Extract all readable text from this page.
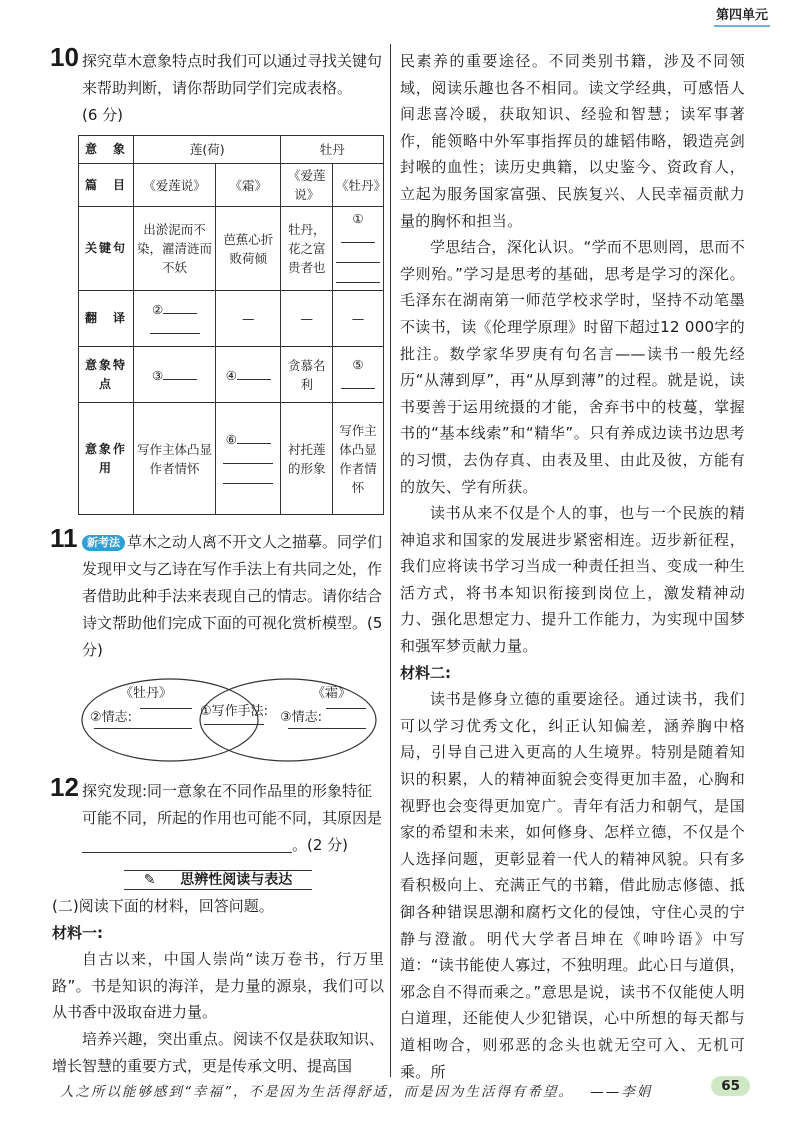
第四单元
10 探究草木意象特点时我们可以通过寻找关键句来帮助判断，请你帮助同学们完成表格。

(6 分)

意　象	莲(荷)		牡丹	
篇　目	《爱莲说》	《霜》	《爱莲说》	《牡丹》
关键句	出淤泥而不染，濯清涟而不妖	芭蕉心折败荷倾	牡丹，花之富贵者也	①

翻　译	②	—	—	—
意象特点	③	④	贪慕名利	⑤
意象作用	写作主体凸显作者情怀	⑥	衬托莲的形象	写作主体凸显作者情怀
11 新考法 草木之动人离不开文人之描摹。同学们发现甲文与乙诗在写作手法上有共同之处，作者借助此种手法来表现自己的情志。请你结合诗文帮助他们完成下面的可视化赏析模型。(5 分)

《牡丹》
②情志:	①写作手法:
《霜》
③情志:
12 探究发现:同一意象在不同作品里的形象特征可能不同，所起的作用也可能不同，其原因是。(2 分)

✎ 思辨性阅读与表达

(二)阅读下面的材料，回答问题。

材料一:

自古以来，中国人崇尚“读万卷书，行万里路”。书是知识的海洋，是力量的源泉，我们可以从书香中汲取奋进力量。

培养兴趣，突出重点。阅读不仅是获取知识、增长智慧的重要方式，更是传承文明、提高国

民素养的重要途径。不同类别书籍，涉及不同领域，阅读乐趣也各不相同。读文学经典，可感悟人间悲喜冷暖，获取知识、经验和智慧；读军事著作，能领略中外军事指挥员的雄韬伟略，锻造亮剑封喉的血性；读历史典籍，以史鉴今、资政育人，立起为服务国家富强、民族复兴、人民幸福贡献力量的胸怀和担当。

学思结合，深化认识。“学而不思则罔，思而不学则殆。”学习是思考的基础，思考是学习的深化。毛泽东在湖南第一师范学校求学时，坚持不动笔墨不读书，读《伦理学原理》时留下超过12 000字的批注。数学家华罗庚有句名言——读书一般先经历“从薄到厚”，再“从厚到薄”的过程。就是说，读书要善于运用统摄的才能，舍弃书中的枝蔓，掌握书的“基本线索”和“精华”。只有养成边读书边思考的习惯，去伪存真、由表及里、由此及彼，方能有的放矢、学有所获。

读书从来不仅是个人的事，也与一个民族的精神追求和国家的发展进步紧密相连。迈步新征程，我们应将读书学习当成一种责任担当、变成一种生活方式，将书本知识衔接到岗位上，激发精神动力、强化思想定力、提升工作能力，为实现中国梦和强军梦贡献力量。

材料二:

读书是修身立德的重要途径。通过读书，我们可以学习优秀文化，纠正认知偏差，涵养胸中格局，引导自己进入更高的人生境界。特别是随着知识的积累，人的精神面貌会变得更加丰盈，心胸和视野也会变得更加宽广。青年有活力和朝气，是国家的希望和未来，如何修身、怎样立德，不仅是个人选择问题，更彰显着一代人的精神风貌。只有多看积极向上、充满正气的书籍，借此励志修德、抵御各种错误思潮和腐朽文化的侵蚀，守住心灵的宁静与澄澈。明代大学者吕坤在《呻吟语》中写道：“读书能使人寡过，不独明理。此心日与道俱，邪念自不得而乘之。”意思是说，读书不仅能使人明白道理，还能使人少犯错误，心中所想的每天都与道相吻合，则邪恶的念头也就无空可入、无机可乘。所

人之所以能够感到“幸福”，不是因为生活得舒适，而是因为生活得有希望。 ——李娟	65
